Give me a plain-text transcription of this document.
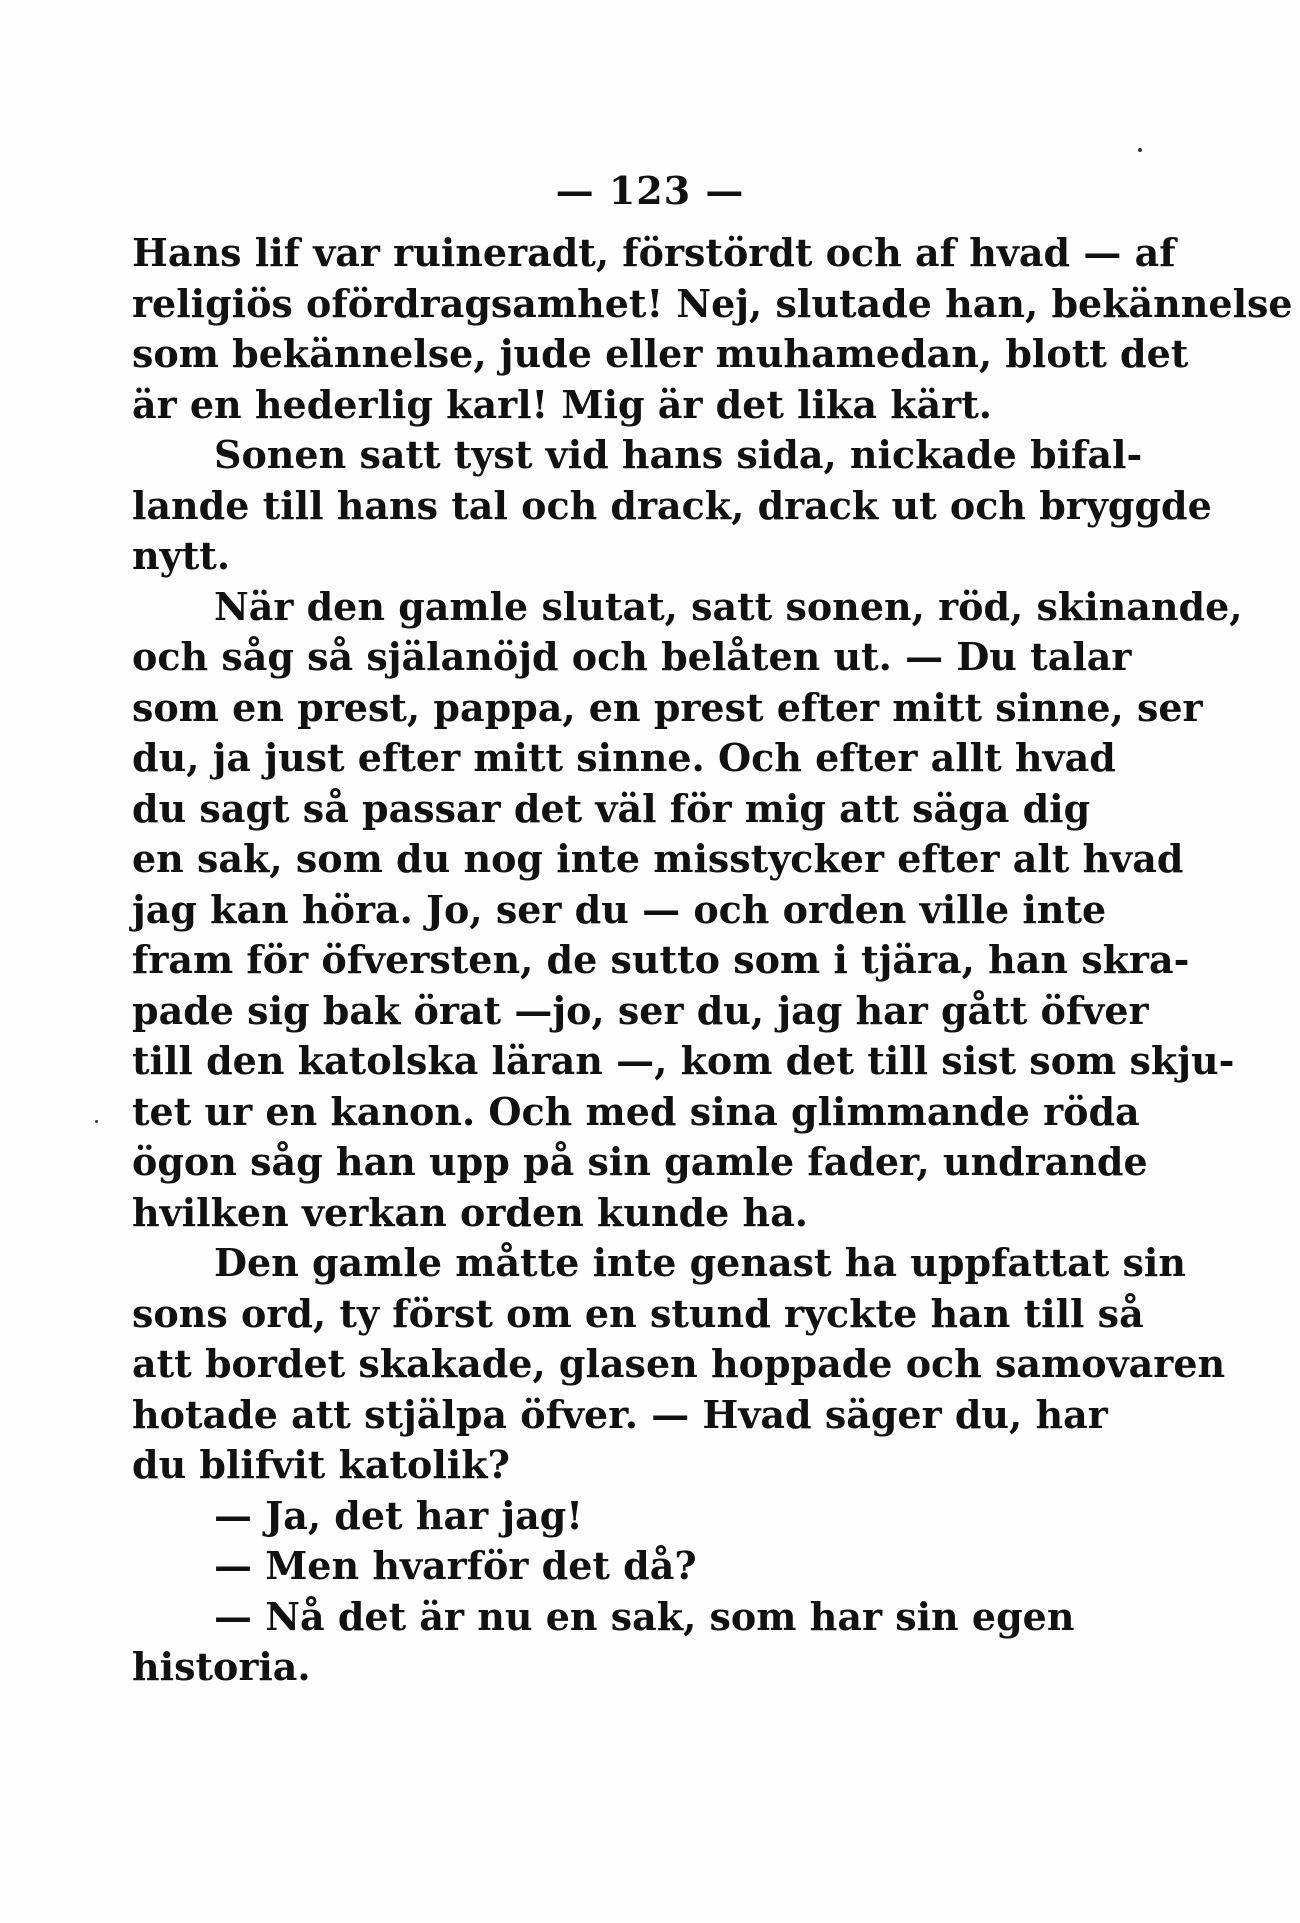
— 123 —
Hans lif var ruineradt, förstördt och af hvad — af
religiös ofördragsamhet! Nej, slutade han, bekännelse
som bekännelse, jude eller muhamedan, blott det
är en hederlig karl! Mig är det lika kärt.
Sonen satt tyst vid hans sida, nickade bifal-
lande till hans tal och drack, drack ut och bryggde
nytt.
När den gamle slutat, satt sonen, röd, skinande,
och såg så själanöjd och belåten ut. — Du talar
som en prest, pappa, en prest efter mitt sinne, ser
du, ja just efter mitt sinne. Och efter allt hvad
du sagt så passar det väl för mig att säga dig
en sak, som du nog inte misstycker efter alt hvad
jag kan höra. Jo, ser du — och orden ville inte
fram för öfversten, de sutto som i tjära, han skra-
pade sig bak örat —jo, ser du, jag har gått öfver
till den katolska läran —, kom det till sist som skju-
tet ur en kanon. Och med sina glimmande röda
ögon såg han upp på sin gamle fader, undrande
hvilken verkan orden kunde ha.
Den gamle måtte inte genast ha uppfattat sin
sons ord, ty först om en stund ryckte han till så
att bordet skakade, glasen hoppade och samovaren
hotade att stjälpa öfver. — Hvad säger du, har
du blifvit katolik?
— Ja, det har jag!
— Men hvarför det då?
— Nå det är nu en sak, som har sin egen
historia.
